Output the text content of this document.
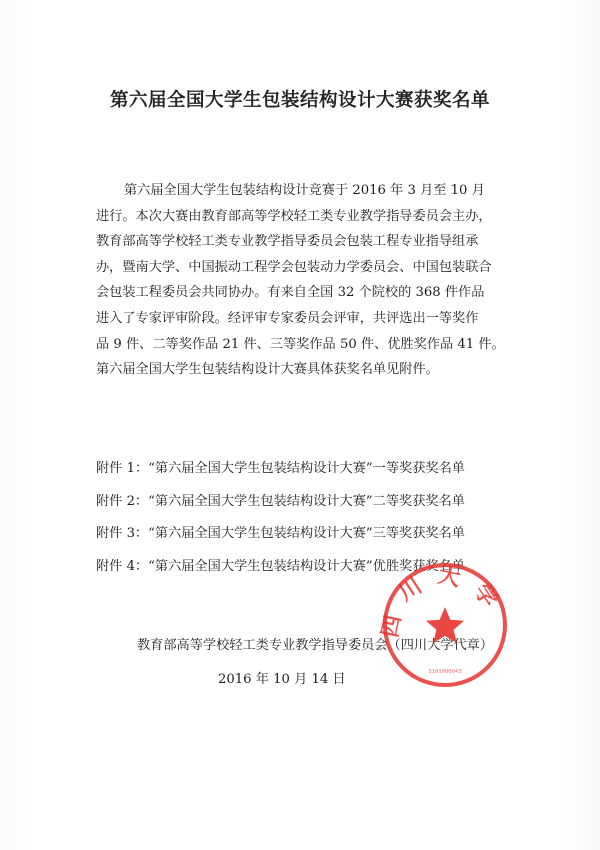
第六届全国大学生包装结构设计大赛获奖名单
第六届全国大学生包装结构设计竞赛于 2016 年 3 月至 10 月
进行。本次大赛由教育部高等学校轻工类专业教学指导委员会主办，
教育部高等学校轻工类专业教学指导委员会包装工程专业指导组承
办，暨南大学、中国振动工程学会包装动力学委员会、中国包装联合
会包装工程委员会共同协办。有来自全国 32 个院校的 368 件作品
进入了专家评审阶段。经评审专家委员会评审，共评选出一等奖作
品 9 件、二等奖作品 21 件、三等奖作品 50 件、优胜奖作品 41 件。
第六届全国大学生包装结构设计大赛具体获奖名单见附件。
附件 1：“第六届全国大学生包装结构设计大赛”一等奖获奖名单
附件 2：“第六届全国大学生包装结构设计大赛”二等奖获奖名单
附件 3：“第六届全国大学生包装结构设计大赛”三等奖获奖名单
附件 4：“第六届全国大学生包装结构设计大赛”优胜奖获奖名单
教育部高等学校轻工类专业教学指导委员会（四川大学代章）
2016 年 10 月 14 日
四川大学
5101000043
